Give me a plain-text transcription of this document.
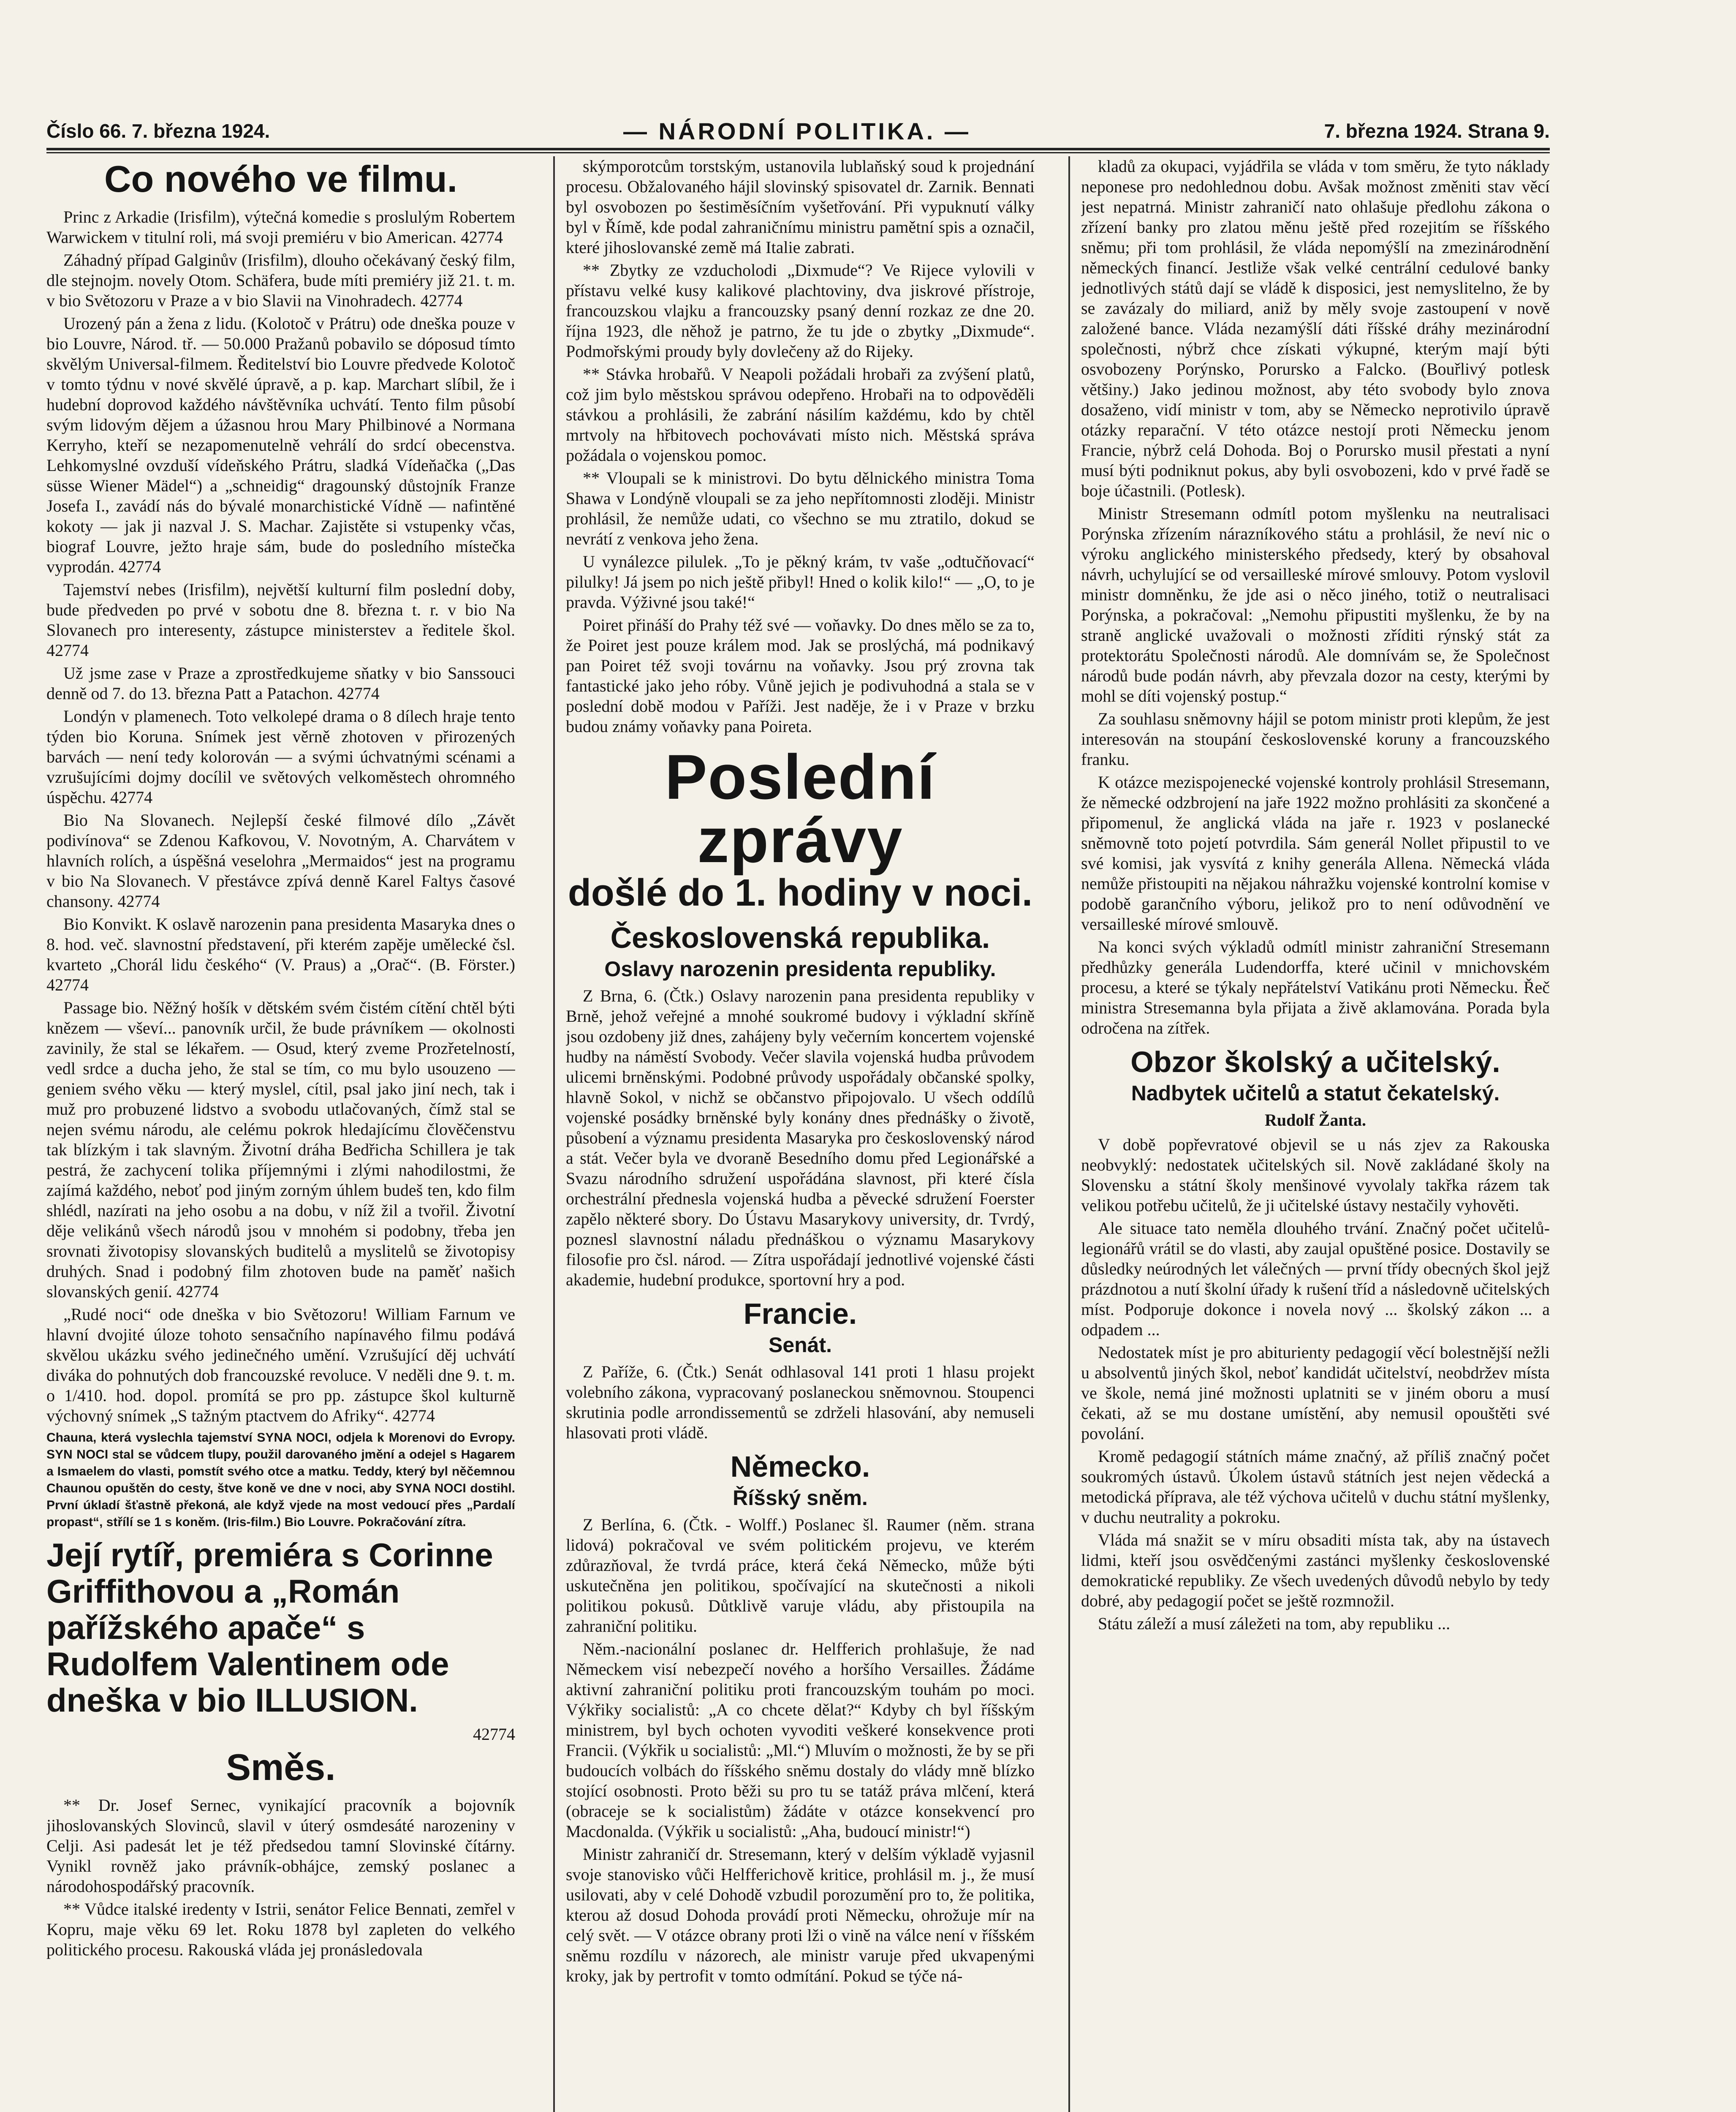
Číslo 66. 7. března 1924.	— NÁRODNÍ POLITIKA. —	7. března 1924. Strana 9.
Co nového ve filmu.

Princ z Arkadie (Irisfilm), výtečná komedie s proslulým Robertem Warwickem v titulní roli, má svoji premiéru v bio American. 42774

Záhadný případ Galginův (Irisfilm), dlouho očekávaný český film, dle stejnojm. novely Otom. Schäfera, bude míti premiéry již 21. t. m. v bio Světozoru v Praze a v bio Slavii na Vinohradech. 42774

Urozený pán a žena z lidu. (Kolotoč v Prátru) ode dneška pouze v bio Louvre, Národ. tř. — 50.000 Pražanů pobavilo se dóposud tímto skvělým Universal-filmem. Ředitelství bio Louvre předvede Kolotoč v tomto týdnu v nové skvělé úpravě, a p. kap. Marchart slíbil, že i hudební doprovod každého návštěvníka uchvátí. Tento film působí svým lidovým dějem a úžasnou hrou Mary Philbinové a Normana Kerryho, kteří se nezapomenutelně vehrálí do srdcí obecenstva. Lehkomyslné ovzduší vídeňského Prátru, sladká Vídeňačka („Das süsse Wiener Mädel“) a „schneidig“ dragounský důstojník Franze Josefa I., zavádí nás do bývalé monarchistické Vídně — nafintěné kokoty — jak ji nazval J. S. Machar. Zajistěte si vstupenky včas, biograf Louvre, ježto hraje sám, bude do posledního místečka vyprodán. 42774

Tajemství nebes (Irisfilm), největší kulturní film poslední doby, bude předveden po prvé v sobotu dne 8. března t. r. v bio Na Slovanech pro interesenty, zástupce ministerstev a ředitele škol. 42774

Už jsme zase v Praze a zprostředkujeme sňatky v bio Sanssouci denně od 7. do 13. března Patt a Patachon. 42774

Londýn v plamenech. Toto velkolepé drama o 8 dílech hraje tento týden bio Koruna. Snímek jest věrně zhotoven v přirozených barvách — není tedy kolorován — a svými úchvatnými scénami a vzrušujícími dojmy docílil ve světových velkoměstech ohromného úspěchu. 42774

Bio Na Slovanech. Nejlepší české filmové dílo „Závět podivínova“ se Zdenou Kafkovou, V. Novotným, A. Charvátem v hlavních rolích, a úspěšná veselohra „Mermaidos“ jest na programu v bio Na Slovanech. V přestávce zpívá denně Karel Faltys časové chansony. 42774

Bio Konvikt. K oslavě narozenin pana presidenta Masaryka dnes o 8. hod. več. slavnostní představení, při kterém zapěje umělecké čsl. kvarteto „Chorál lidu českého“ (V. Praus) a „Orač“. (B. Förster.) 42774

Passage bio. Něžný hošík v dětském svém čistém cítění chtěl býti knězem — vševí... panovník určil, že bude právníkem — okolnosti zavinily, že stal se lékařem. — Osud, který zveme Prozřetelností, vedl srdce a ducha jeho, že stal se tím, co mu bylo usouzeno — geniem svého věku — který myslel, cítil, psal jako jiní nech, tak i muž pro probuzené lidstvo a svobodu utlačovaných, čímž stal se nejen svému národu, ale celému pokrok hledajícímu člověčenstvu tak blízkým i tak slavným. Životní dráha Bedřicha Schillera je tak pestrá, že zachycení tolika příjemnými i zlými nahodilostmi, že zajímá každého, neboť pod jiným zorným úhlem budeš ten, kdo film shlédl, nazírati na jeho osobu a na dobu, v níž žil a tvořil. Životní děje velikánů všech národů jsou v mnohém si podobny, třeba jen srovnati životopisy slovanských buditelů a myslitelů se životopisy druhých. Snad i podobný film zhotoven bude na paměť našich slovanských genií. 42774

„Rudé noci“ ode dneška v bio Světozoru! William Farnum ve hlavní dvojité úloze tohoto sensačního napínavého filmu podává skvělou ukázku svého jedinečného umění. Vzrušující děj uchvátí diváka do pohnutých dob francouzské revoluce. V neděli dne 9. t. m. o 1/410. hod. dopol. promítá se pro pp. zástupce škol kulturně výchovný snímek „S tažným ptactvem do Afriky“. 42774

Chauna, která vyslechla tajemství SYNA NOCI, odjela k Morenovi do Evropy. SYN NOCI stal se vůdcem tlupy, použil darovaného jmění a odejel s Hagarem a Ismaelem do vlasti, pomstít svého otce a matku. Teddy, který byl něčemnou Chaunou opuštěn do cesty, štve koně ve dne v noci, aby SYNA NOCI dostihl. První úkladí šťastně překoná, ale když vjede na most vedoucí přes „Pardalí propast“, střílí se 1 s koněm. (Iris-film.) Bio Louvre. Pokračování zítra.
Její rytíř, premiéra s Corinne Griffithovou a „Román pařížského apače“ s Rudolfem Valentinem ode dneška v bio ILLUSION.
42774
Směs.

** Dr. Josef Sernec, vynikající pracovník a bojovník jihoslovanských Slovinců, slavil v úterý osmdesáté narozeniny v Celji. Asi padesát let je též předsedou tamní Slovinské čítárny. Vynikl rovněž jako právník-obhájce, zemský poslanec a národohospodářský pracovník.

** Vůdce italské iredenty v Istrii, senátor Felice Bennati, zemřel v Kopru, maje věku 69 let. Roku 1878 byl zapleten do velkého politického procesu. Rakouská vláda jej pronásledovala

skýmporotcům torstským, ustanovila lublaňský soud k projednání procesu. Obžalovaného hájil slovinský spisovatel dr. Zarnik. Bennati byl osvobozen po šestiměsíčním vyšetřování. Při vypuknutí války byl v Římě, kde podal zahraničnímu ministru pamětní spis a označil, které jihoslovanské země má Italie zabrati.

** Zbytky ze vzducholodi „Dixmude“? Ve Rijece vylovili v přístavu velké kusy kalikové plachtoviny, dva jiskrové přístroje, francouzskou vlajku a francouzsky psaný denní rozkaz ze dne 20. října 1923, dle něhož je patrno, že tu jde o zbytky „Dixmude“. Podmořskými proudy byly dovlečeny až do Rijeky.

** Stávka hrobařů. V Neapoli požádali hrobaři za zvýšení platů, což jim bylo městskou správou odepřeno. Hrobaři na to odpověděli stávkou a prohlásili, že zabrání násilím každému, kdo by chtěl mrtvoly na hřbitovech pochovávati místo nich. Městská správa požádala o vojenskou pomoc.

** Vloupali se k ministrovi. Do bytu dělnického ministra Toma Shawa v Londýně vloupali se za jeho nepřítomnosti zloději. Ministr prohlásil, že nemůže udati, co všechno se mu ztratilo, dokud se nevrátí z venkova jeho žena.

U vynálezce pilulek. „To je pěkný krám, tv vaše „odtučňovací“ pilulky! Já jsem po nich ještě přibyl! Hned o kolik kilo!“ — „O, to je pravda. Výživné jsou také!“

Poiret přináší do Prahy též své — voňavky. Do dnes mělo se za to, že Poiret jest pouze králem mod. Jak se proslýchá, má podnikavý pan Poiret též svoji továrnu na voňavky. Jsou prý zrovna tak fantastické jako jeho róby. Vůně jejich je podivuhodná a stala se v poslední době modou v Paříži. Jest naděje, že i v Praze v brzku budou známy voňavky pana Poireta.

Poslední zprávy
došlé do 1. hodiny v noci.
Československá republika.
Oslavy narozenin presidenta republiky.

Z Brna, 6. (Čtk.) Oslavy narozenin pana presidenta republiky v Brně, jehož veřejné a mnohé soukromé budovy i výkladní skříně jsou ozdobeny již dnes, zahájeny byly večerním koncertem vojenské hudby na náměstí Svobody. Večer slavila vojenská hudba průvodem ulicemi brněnskými. Podobné průvody uspořádaly občanské spolky, hlavně Sokol, v nichž se občanstvo připojovalo. U všech oddílů vojenské posádky brněnské byly konány dnes přednášky o životě, působení a významu presidenta Masaryka pro československý národ a stát. Večer byla ve dvoraně Besedního domu před Legionářské a Svazu národního sdružení uspořádána slavnost, při které čísla orchestrální přednesla vojenská hudba a pěvecké sdružení Foerster zapělo některé sbory. Do Ústavu Masarykovy university, dr. Tvrdý, poznesl slavnostní náladu přednáškou o významu Masarykovy filosofie pro čsl. národ. — Zítra uspořádají jednotlivé vojenské části akademie, hudební produkce, sportovní hry a pod.

Francie.
Senát.

Z Paříže, 6. (Čtk.) Senát odhlasoval 141 proti 1 hlasu projekt volebního zákona, vypracovaný poslaneckou sněmovnou. Stoupenci skrutinia podle arrondissementů se zdrželi hlasování, aby nemuseli hlasovati proti vládě.

Německo.
Říšský sněm.

Z Berlína, 6. (Čtk. - Wolff.) Poslanec šl. Raumer (něm. strana lidová) pokračoval ve svém politickém projevu, ve kterém zdůrazňoval, že tvrdá práce, která čeká Německo, může býti uskutečněna jen politikou, spočívající na skutečnosti a nikoli politikou pokusů. Důtklivě varuje vládu, aby přistoupila na zahraniční politiku.

Něm.-nacionální poslanec dr. Helfferich prohlašuje, že nad Německem visí nebezpečí nového a horšího Versailles. Žádáme aktivní zahraniční politiku proti francouzským touhám po moci. Výkřiky socialistů: „A co chcete dělat?“ Kdyby ch byl říšským ministrem, byl bych ochoten vyvoditi veškeré konsekvence proti Francii. (Výkřik u socialistů: „Ml.“) Mluvím o možnosti, že by se při budoucích volbách do říšského sněmu dostaly do vlády mně blízko stojící osobnosti. Proto běži su pro tu se tatáž práva mlčení, která (obraceje se k socialistům) žádáte v otázce konsekvencí pro Macdonalda. (Výkřik u socialistů: „Aha, budoucí ministr!“)

Ministr zahraničí dr. Stresemann, který v delším výkladě vyjasnil svoje stanovisko vůči Helfferichově kritice, prohlásil m. j., že musí usilovati, aby v celé Dohodě vzbudil porozumění pro to, že politika, kterou až dosud Dohoda provádí proti Německu, ohrožuje mír na celý svět. — V otázce obrany proti lži o vině na válce není v říšském sněmu rozdílu v názorech, ale ministr varuje před ukvapenými kroky, jak by pertrofit v tomto odmítání. Pokud se týče ná-

kladů za okupaci, vyjádřila se vláda v tom směru, že tyto náklady neponese pro nedohlednou dobu. Avšak možnost změniti stav věcí jest nepatrná. Ministr zahraničí nato ohlašuje předlohu zákona o zřízení banky pro zlatou měnu ještě před rozejitím se říšského sněmu; při tom prohlásil, že vláda nepomýšlí na zmezinárodnění německých financí. Jestliže však velké centrální cedulové banky jednotlivých států dají se vládě k disposici, jest nemyslitelno, že by se zavázaly do miliard, aniž by měly svoje zastoupení v nově založené bance. Vláda nezamýšlí dáti říšské dráhy mezinárodní společnosti, nýbrž chce získati výkupné, kterým mají býti osvobozeny Porýnsko, Porursko a Falcko. (Bouřlivý potlesk většiny.) Jako jedinou možnost, aby této svobody bylo znova dosaženo, vidí ministr v tom, aby se Německo neprotivilo úpravě otázky reparační. V této otázce nestojí proti Německu jenom Francie, nýbrž celá Dohoda. Boj o Porursko musil přestati a nyní musí býti podniknut pokus, aby byli osvobozeni, kdo v prvé řadě se boje účastnili. (Potlesk).

Ministr Stresemann odmítl potom myšlenku na neutralisaci Porýnska zřízením nárazníkového státu a prohlásil, že neví nic o výroku anglického ministerského předsedy, který by obsahoval návrh, uchylující se od versailleské mírové smlouvy. Potom vyslovil ministr domněnku, že jde asi o něco jiného, totiž o neutralisaci Porýnska, a pokračoval: „Nemohu připustiti myšlenku, že by na straně anglické uvažovali o možnosti zříditi rýnský stát za protektorátu Společnosti národů. Ale domnívám se, že Společnost národů bude podán návrh, aby převzala dozor na cesty, kterými by mohl se díti vojenský postup.“

Za souhlasu sněmovny hájil se potom ministr proti klepům, že jest interesován na stoupání československé koruny a francouzského franku.

K otázce mezispojenecké vojenské kontroly prohlásil Stresemann, že německé odzbrojení na jaře 1922 možno prohlásiti za skončené a připomenul, že anglická vláda na jaře r. 1923 v poslanecké sněmovně toto pojetí potvrdila. Sám generál Nollet připustil to ve své komisi, jak vysvítá z knihy generála Allena. Německá vláda nemůže přistoupiti na nějakou náhražku vojenské kontrolní komise v podobě garančního výboru, jelikož pro to není odůvodnění ve versailleské mírové smlouvě.

Na konci svých výkladů odmítl ministr zahraniční Stresemann předhůzky generála Ludendorffa, které učinil v mnichovském procesu, a které se týkaly nepřátelství Vatikánu proti Německu. Řeč ministra Stresemanna byla přijata a živě aklamována. Porada byla odročena na zítřek.

Obzor školský a učitelský.
Nadbytek učitelů a statut čekatelský.
Rudolf Žanta.

V době popřevratové objevil se u nás zjev za Rakouska neobvyklý: nedostatek učitelských sil. Nově zakládané školy na Slovensku a státní školy menšinové vyvolaly takřka rázem tak velikou potřebu učitelů, že ji učitelské ústavy nestačily vyhověti.

Ale situace tato neměla dlouhého trvání. Značný počet učitelů-legionářů vrátil se do vlasti, aby zaujal opuštěné posice. Dostavily se důsledky neúrodných let válečných — první třídy obecných škol jejž prázdnotou a nutí školní úřady k rušení tříd a následovně učitelských míst. Podporuje dokonce i novela nový ... školský zákon ... a odpadem ...

Nedostatek míst je pro abiturienty pedagogií věcí bolestnější nežli u absolventů jiných škol, neboť kandidát učitelství, neobdržev místa ve škole, nemá jiné možnosti uplatniti se v jiném oboru a musí čekati, až se mu dostane umístění, aby nemusil opouštěti své povolání.

Kromě pedagogií státních máme značný, až příliš značný počet soukromých ústavů. Úkolem ústavů státních jest nejen vědecká a metodická příprava, ale též výchova učitelů v duchu státní myšlenky, v duchu neutrality a pokroku.

Vláda má snažit se v míru obsaditi místa tak, aby na ústavech lidmi, kteří jsou osvědčenými zastánci myšlenky československé demokratické republiky. Ze všech uvedených důvodů nebylo by tedy dobré, aby pedagogií počet se ještě rozmnožil.

Státu záleží a musí záležeti na tom, aby republiku ...
